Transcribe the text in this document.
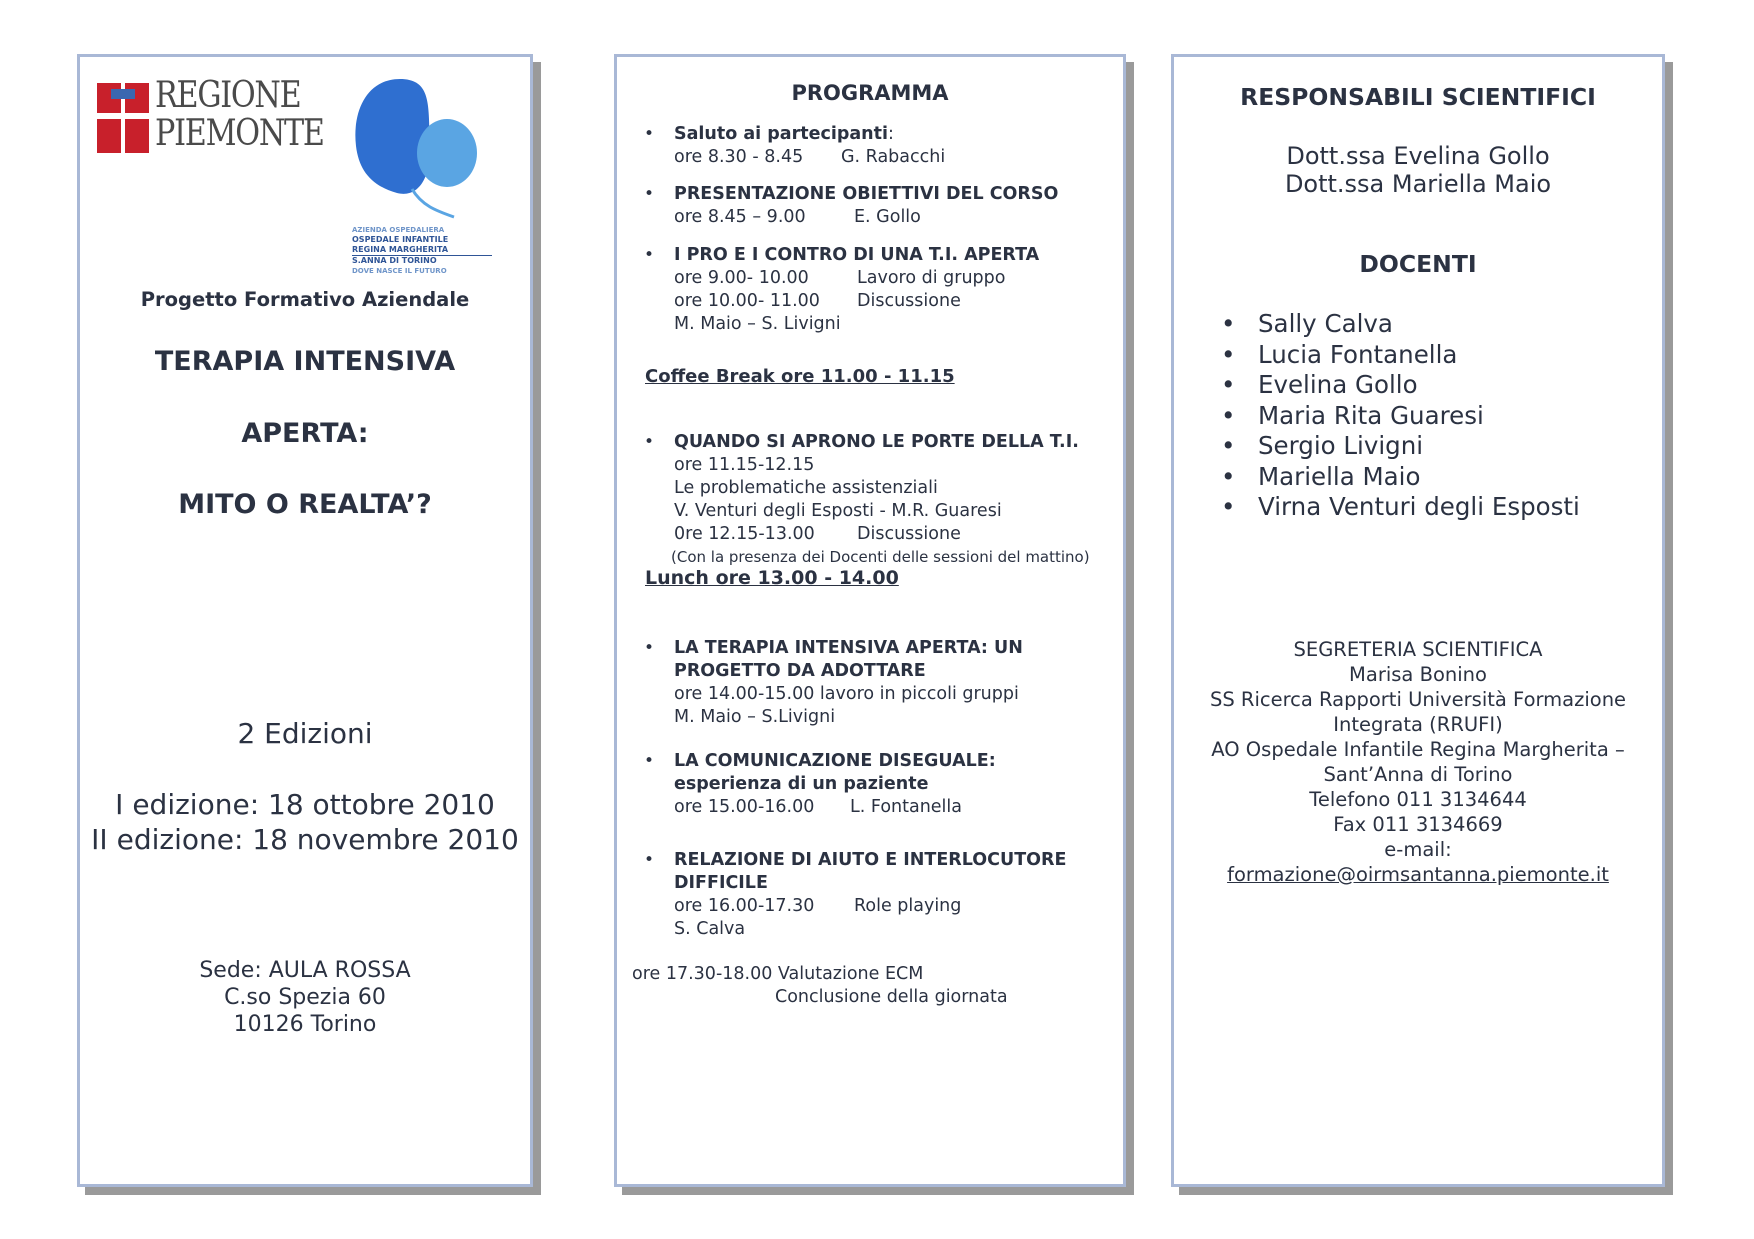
REGIONE
PIEMONTE
AZIENDA OSPEDALIERA
OSPEDALE INFANTILE
REGINA MARGHERITA
S.ANNA DI TORINO
DOVE NASCE IL FUTURO
Progetto Formativo Aziendale
TERAPIA INTENSIVA
APERTA:
MITO O REALTA’?
2 Edizioni
I edizione: 18 ottobre 2010
II edizione: 18 novembre 2010
Sede: AULA ROSSA
C.so Spezia 60
10126 Torino
PROGRAMMA
• Saluto ai partecipanti:
ore 8.30 - 8.45 G. Rabacchi
• PRESENTAZIONE OBIETTIVI DEL CORSO
ore 8.45 – 9.00	E. Gollo
• I PRO E I CONTRO DI UNA T.I. APERTA
ore 9.00- 10.00	Lavoro di gruppo
ore 10.00- 11.00 Discussione
M. Maio – S. Livigni
Coffee Break ore 11.00 - 11.15
• QUANDO SI APRONO LE PORTE DELLA T.I.
ore 11.15-12.15Le problematiche assistenziali
V. Venturi degli Esposti - M.R. Guaresi
0re 12.15-13.00 Discussione
(Con la presenza dei Docenti delle sessioni del mattino)
Lunch ore 13.00 - 14.00
• LA TERAPIA INTENSIVA APERTA: UN
PROGETTO DA ADOTTARE
ore 14.00-15.00 lavoro in piccoli gruppi
M. Maio – S.Livigni
• LA COMUNICAZIONE DISEGUALE:
esperienza di un paziente
ore 15.00-16.00 L. Fontanella
• RELAZIONE DI AIUTO E INTERLOCUTORE
DIFFICILE
ore 16.00-17.30 Role playing
S. Calva
ore 17.30-18.00 Valutazione ECM
Conclusione della giornata
RESPONSABILI SCIENTIFICI
Dott.ssa Evelina Gollo
Dott.ssa Mariella Maio
DOCENTI
• Sally Calva
• Lucia Fontanella
• Evelina Gollo
• Maria Rita Guaresi
• Sergio Livigni
• Mariella Maio
• Virna Venturi degli Esposti
SEGRETERIA SCIENTIFICA
Marisa Bonino
SS Ricerca Rapporti Università Formazione
Integrata (RRUFI)
AO Ospedale Infantile Regina Margherita –
Sant’Anna di Torino
Telefono 011 3134644
Fax 011 3134669
e-mail:
formazione@oirmsantanna.piemonte.it
